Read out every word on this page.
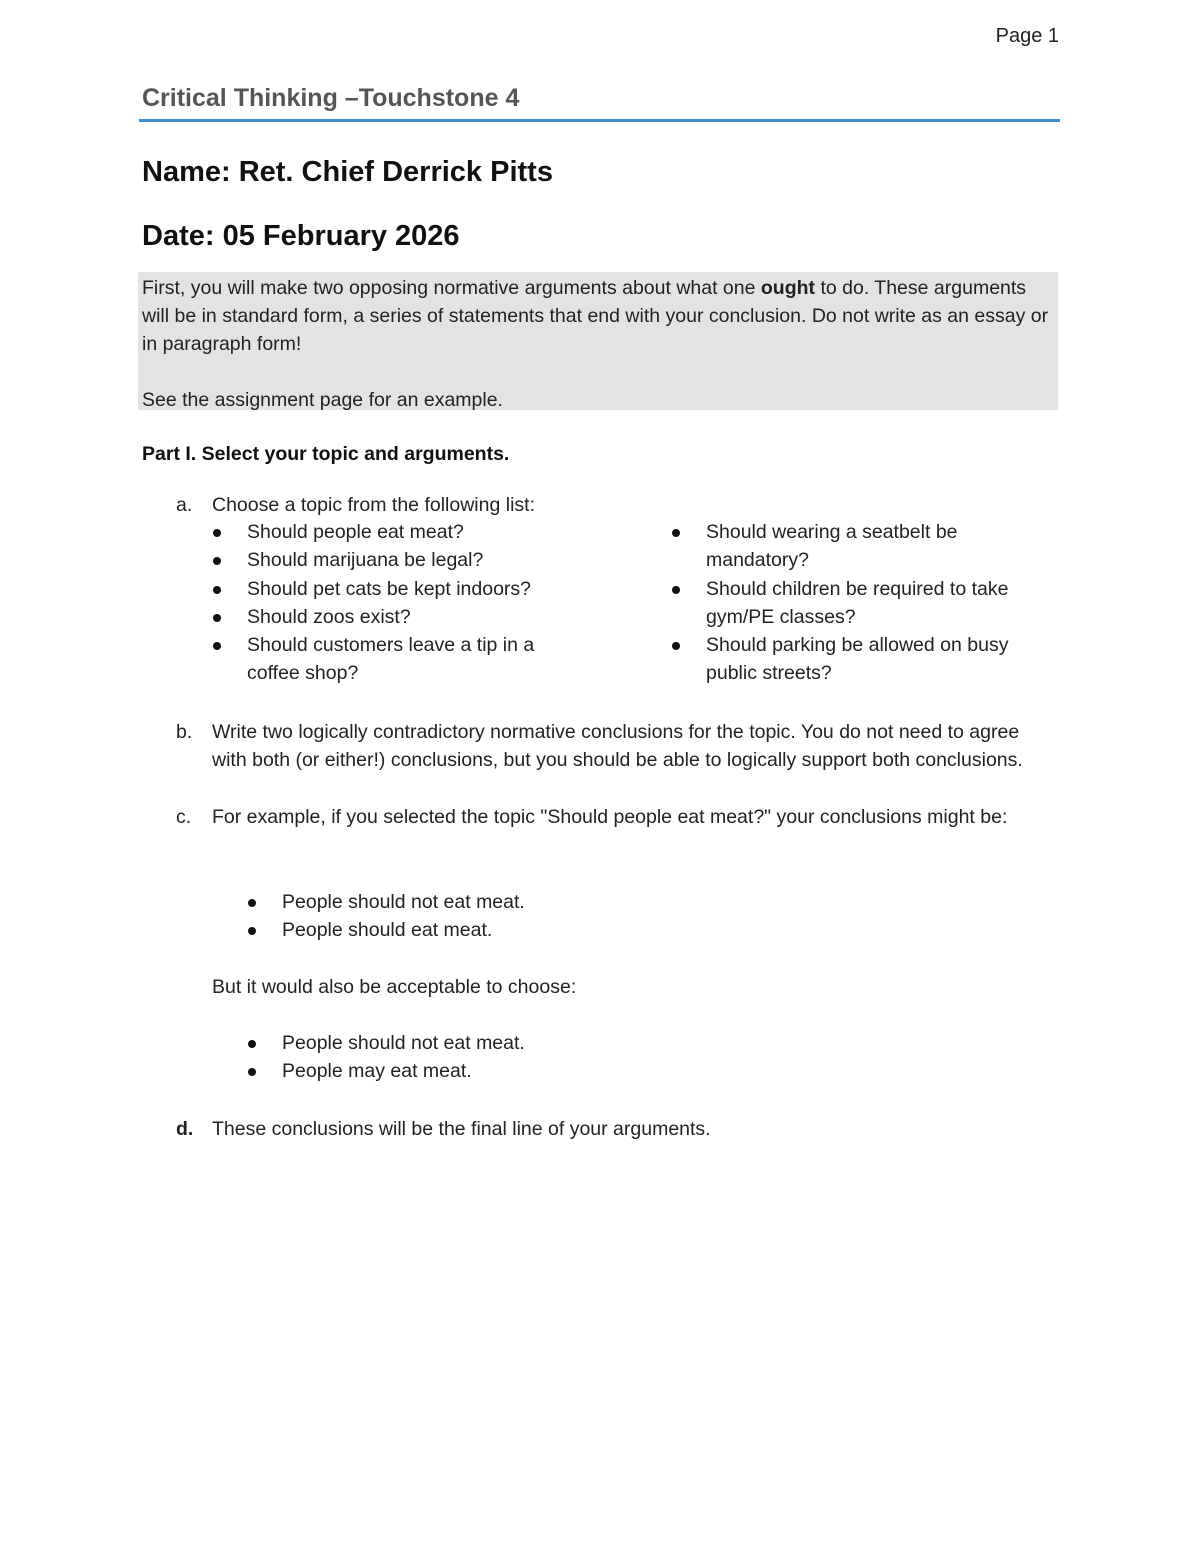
Page 1
Critical Thinking –Touchstone 4
Name: Ret. Chief Derrick Pitts
Date: 05 February 2026

First, you will make two opposing normative arguments about what one ought to do. These arguments will be in standard form, a series of statements that end with your conclusion. Do not write as an essay or in paragraph form!

See the assignment page for an example.

Part I. Select your topic and arguments.
a. Choose a topic from the following list:
Should people eat meat?
Should marijuana be legal?
Should pet cats be kept indoors?
Should zoos exist?
Should customers leave a tip in a coffee shop?
Should wearing a seatbelt be mandatory?
Should children be required to take gym/PE classes?
Should parking be allowed on busy public streets?
b. Write two logically contradictory normative conclusions for the topic. You do not need to agree with both (or either!) conclusions, but you should be able to logically support both conclusions.
c. For example, if you selected the topic "Should people eat meat?" your conclusions might be:
People should not eat meat.
People should eat meat.
But it would also be acceptable to choose:
People should not eat meat.
People may eat meat.
d. These conclusions will be the final line of your arguments.
